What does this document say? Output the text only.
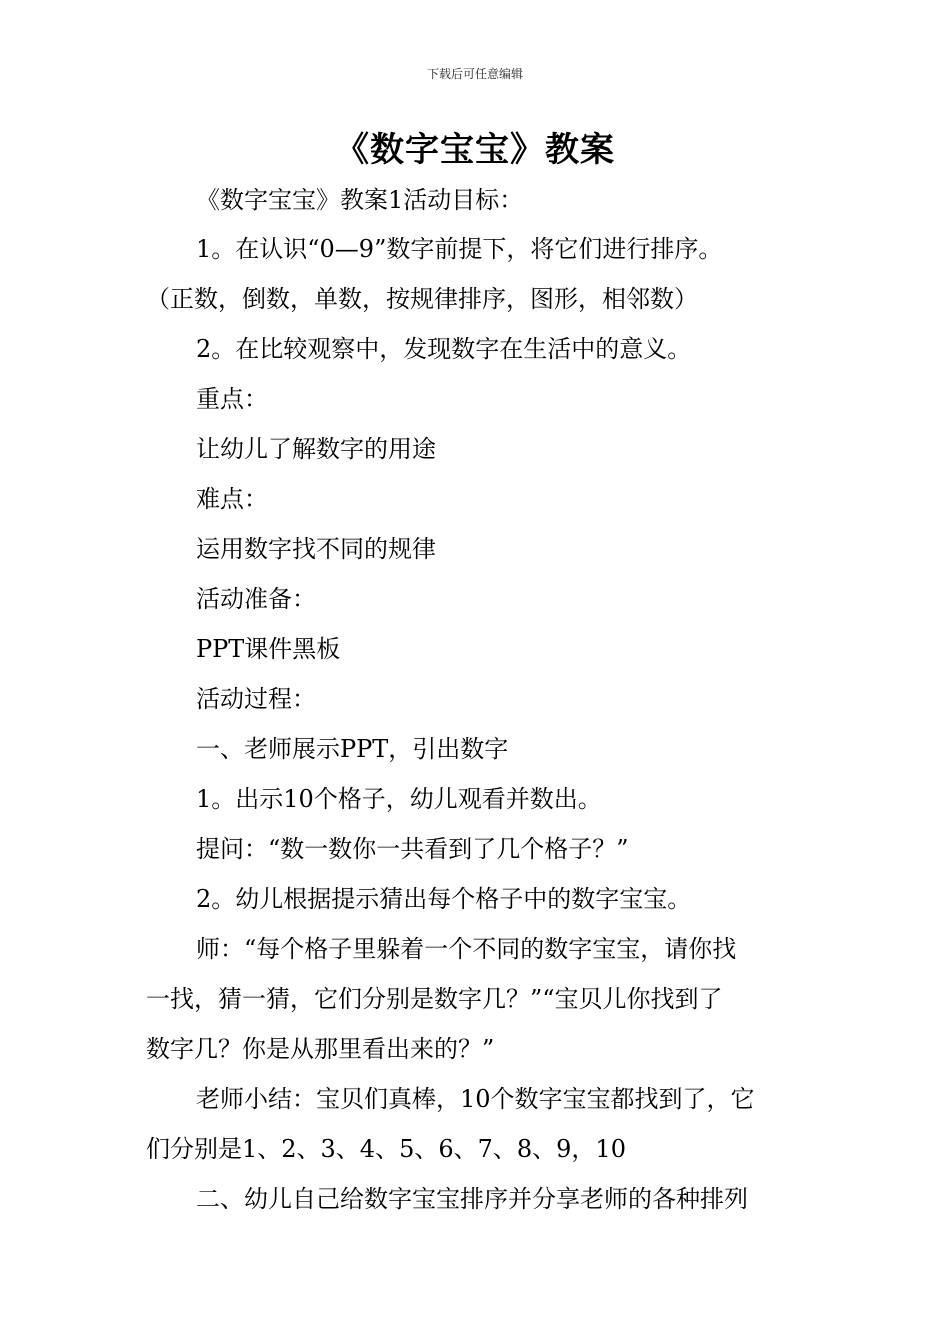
下载后可任意编辑
《数字宝宝》教案
《数字宝宝》教案1活动目标：
1。在认识“0—9”数字前提下，将它们进行排序。
（正数，倒数，单数，按规律排序，图形，相邻数）
2。在比较观察中，发现数字在生活中的意义。
重点：
让幼儿了解数字的用途
难点：
运用数字找不同的规律
活动准备：
PPT课件黑板
活动过程：
一、老师展示PPT，引出数字
1。出示10个格子，幼儿观看并数出。
提问：“数一数你一共看到了几个格子？”
2。幼儿根据提示猜出每个格子中的数字宝宝。
师：“每个格子里躲着一个不同的数字宝宝，请你找
一找，猜一猜，它们分别是数字几？”“宝贝儿你找到了
数字几？你是从那里看出来的？”
老师小结：宝贝们真棒，10个数字宝宝都找到了，它
们分别是1、2、3、4、5、6、7、8、9，10
二、幼儿自己给数字宝宝排序并分享老师的各种排列
